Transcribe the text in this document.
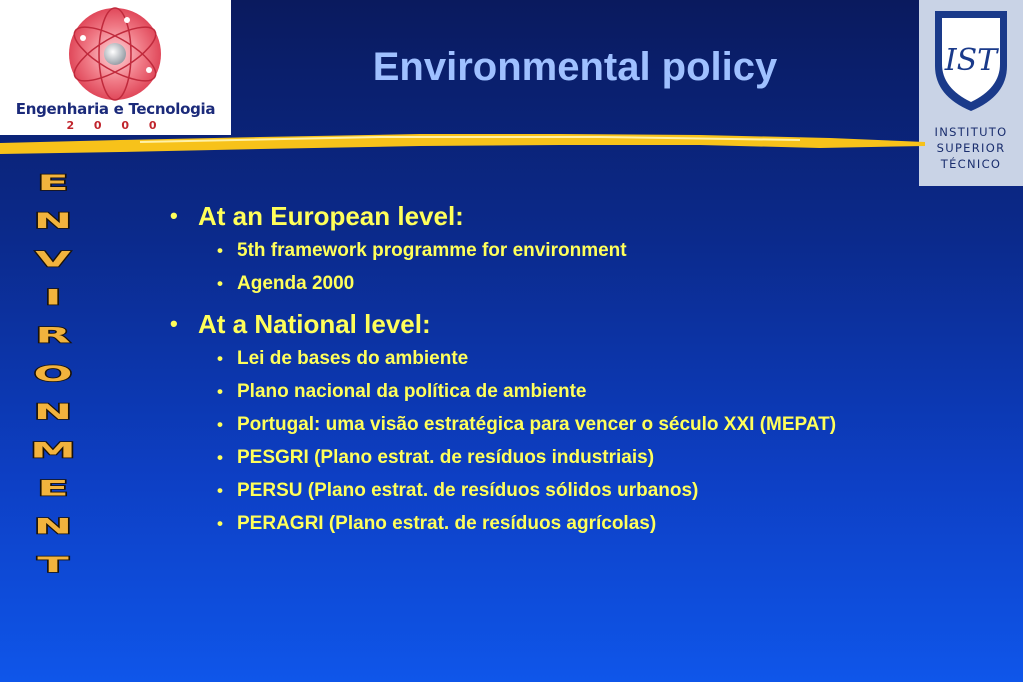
Engenharia e Tecnologia
2 0 0 0
IST
INSTITUTO
SUPERIOR
TÉCNICO
Environmental policy
E
N
V
I
R
O
N
M
E
N
T
• At an European level:
• 5th framework programme for environment
• Agenda 2000
• At a National level:
• Lei de bases do ambiente
• Plano nacional da política de ambiente
• Portugal: uma visão estratégica para vencer o século XXI (MEPAT)
• PESGRI (Plano estrat. de resíduos industriais)
• PERSU (Plano estrat. de resíduos sólidos urbanos)
• PERAGRI (Plano estrat. de resíduos agrícolas)
